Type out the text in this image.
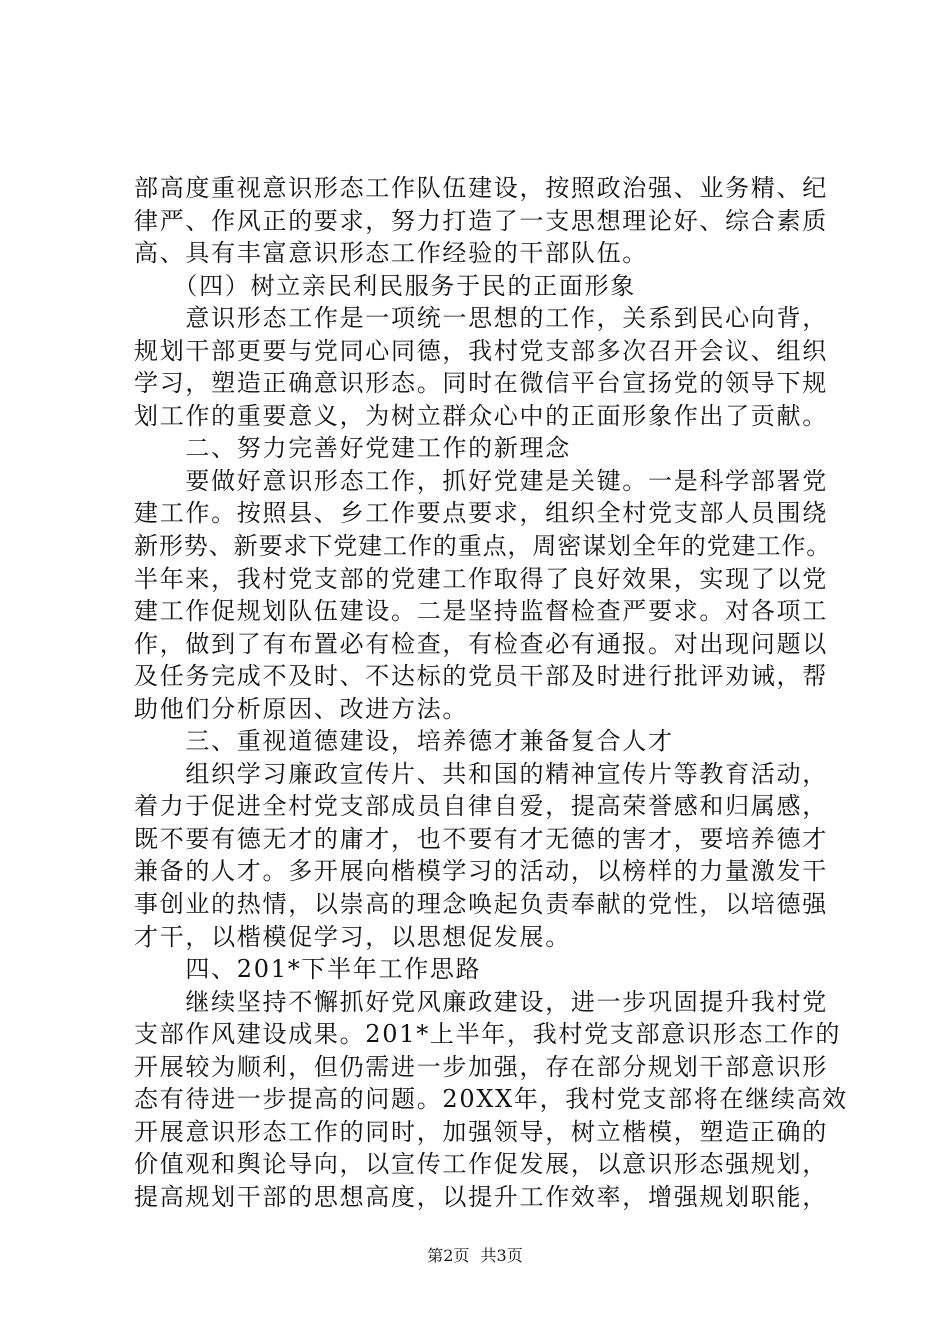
部高度重视意识形态工作队伍建设，按照政治强、业务精、纪
律严、作风正的要求，努力打造了一支思想理论好、综合素质
高、具有丰富意识形态工作经验的干部队伍。
　　（四）树立亲民利民服务于民的正面形象
　　意识形态工作是一项统一思想的工作，关系到民心向背，
规划干部更要与党同心同德，我村党支部多次召开会议、组织
学习，塑造正确意识形态。同时在微信平台宣扬党的领导下规
划工作的重要意义，为树立群众心中的正面形象作出了贡献。
　　二、努力完善好党建工作的新理念
　　要做好意识形态工作，抓好党建是关键。一是科学部署党
建工作。按照县、乡工作要点要求，组织全村党支部人员围绕
新形势、新要求下党建工作的重点，周密谋划全年的党建工作。
半年来，我村党支部的党建工作取得了良好效果，实现了以党
建工作促规划队伍建设。二是坚持监督检查严要求。对各项工
作，做到了有布置必有检查，有检查必有通报。对出现问题以
及任务完成不及时、不达标的党员干部及时进行批评劝诫，帮
助他们分析原因、改进方法。
　　三、重视道德建设，培养德才兼备复合人才
　　组织学习廉政宣传片、共和国的精神宣传片等教育活动，
着力于促进全村党支部成员自律自爱，提高荣誉感和归属感，
既不要有德无才的庸才，也不要有才无德的害才，要培养德才
兼备的人才。多开展向楷模学习的活动，以榜样的力量激发干
事创业的热情，以崇高的理念唤起负责奉献的党性，以培德强
才干，以楷模促学习，以思想促发展。
　　四、201*下半年工作思路
　　继续坚持不懈抓好党风廉政建设，进一步巩固提升我村党
支部作风建设成果。201*上半年，我村党支部意识形态工作的
开展较为顺利，但仍需进一步加强，存在部分规划干部意识形
态有待进一步提高的问题。20XX年，我村党支部将在继续高效
开展意识形态工作的同时，加强领导，树立楷模，塑造正确的
价值观和舆论导向，以宣传工作促发展，以意识形态强规划，
提高规划干部的思想高度，以提升工作效率，增强规划职能，
第2页 共3页
